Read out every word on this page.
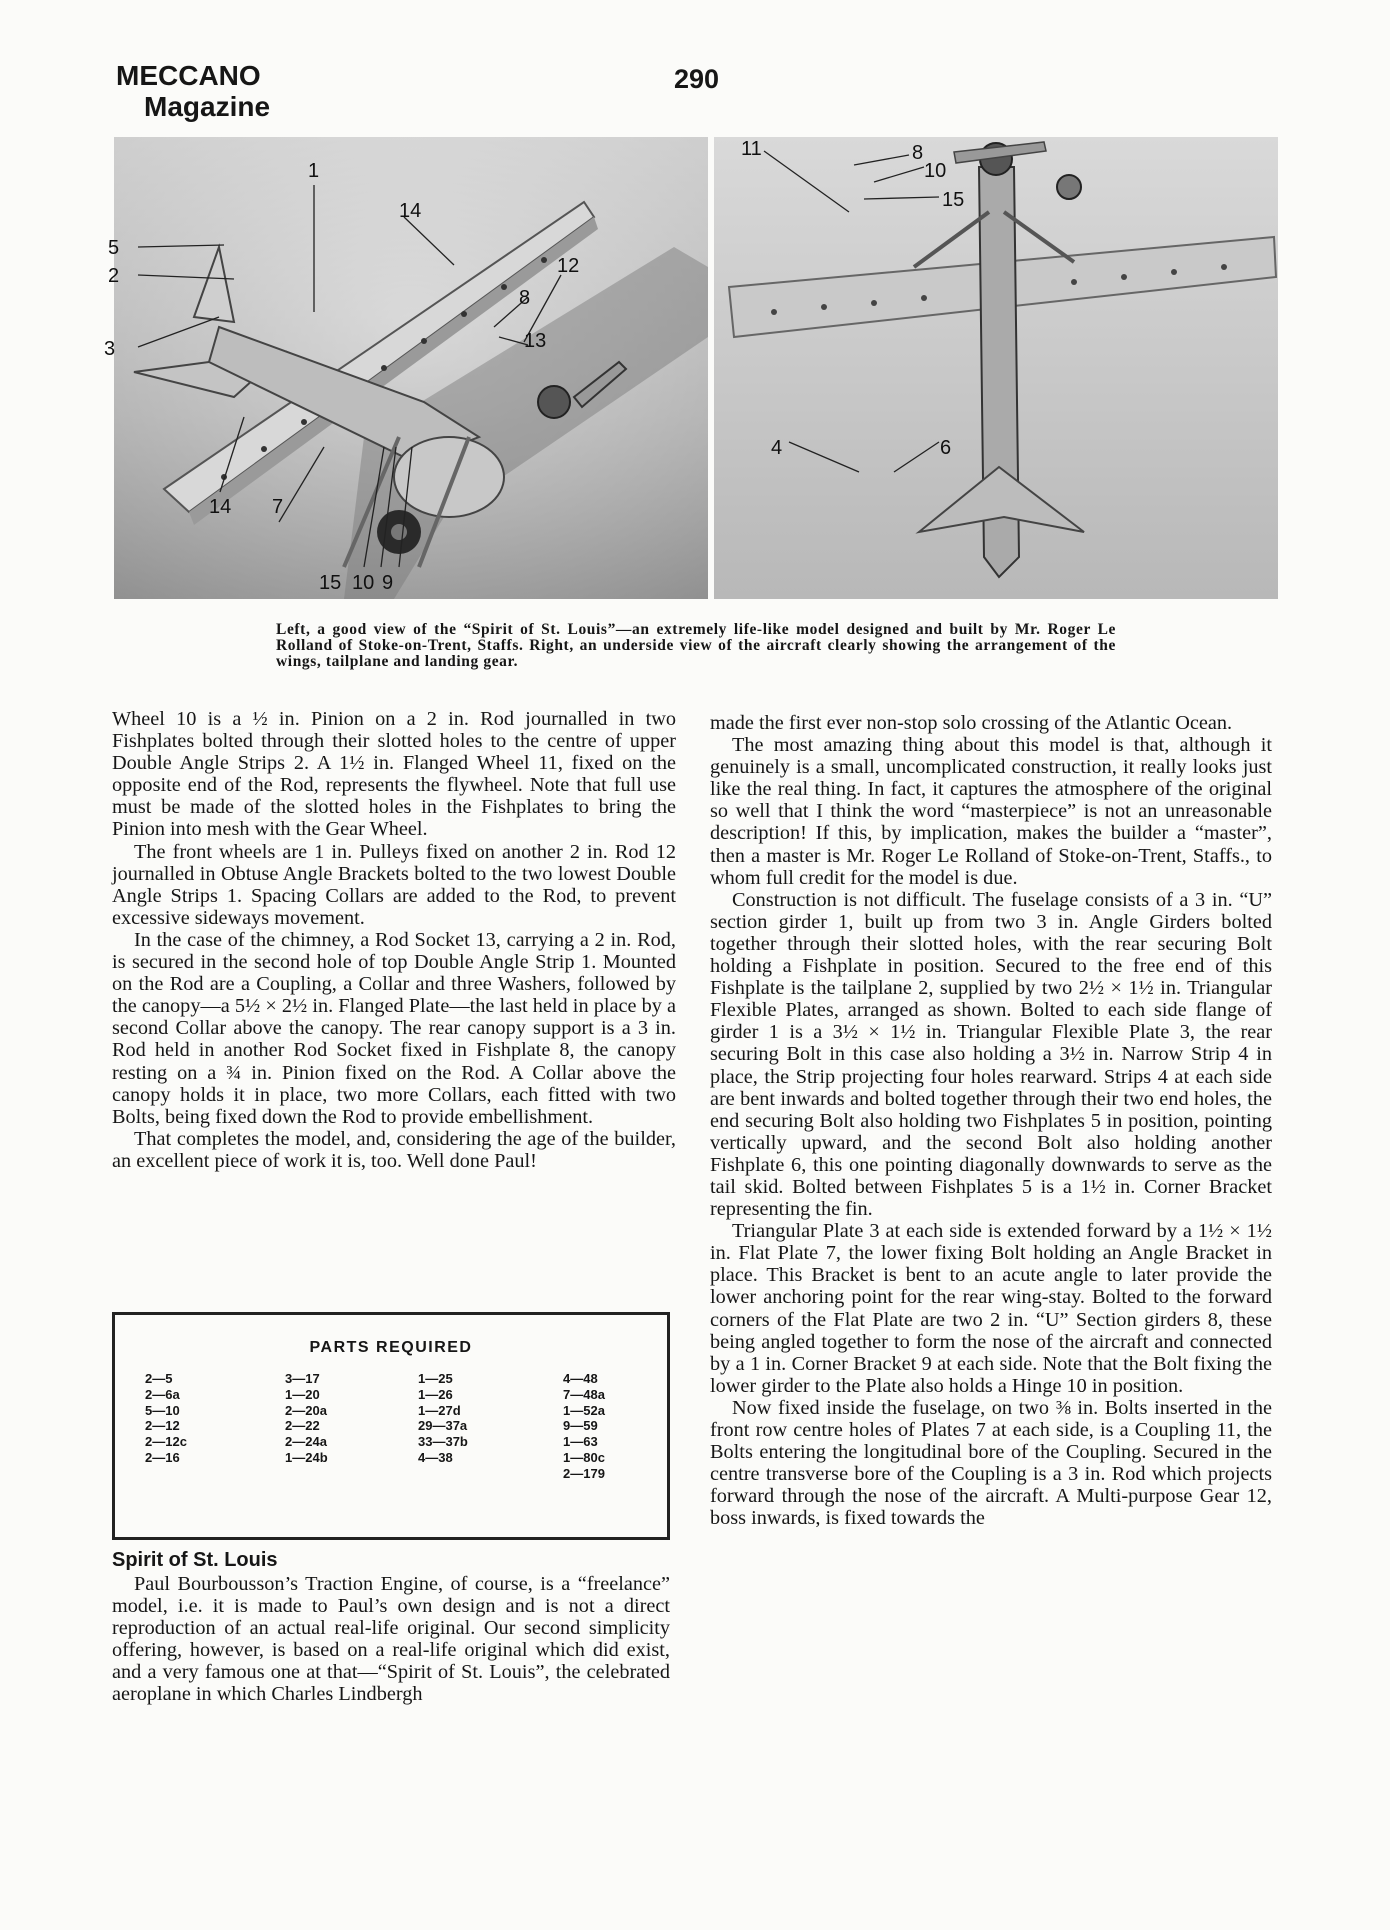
MECCANO
Magazine
290
5
2
3
14
1
8
12
13
14 7
15 10 9
11	8
10
15
4	6
Left, a good view of the “Spirit of St. Louis”—an extremely life-like model designed and built by Mr. Roger Le Rolland of Stoke-on-Trent, Staffs. Right, an underside view of the aircraft clearly showing the arrangement of the wings, tailplane and landing gear.

Wheel 10 is a ½ in. Pinion on a 2 in. Rod journalled in two Fishplates bolted through their slotted holes to the centre of upper Double Angle Strips 2. A 1½ in. Flanged Wheel 11, fixed on the opposite end of the Rod, represents the flywheel. Note that full use must be made of the slotted holes in the Fishplates to bring the Pinion into mesh with the Gear Wheel.

The front wheels are 1 in. Pulleys fixed on another 2 in. Rod 12 journalled in Obtuse Angle Brackets bolted to the two lowest Double Angle Strips 1. Spacing Collars are added to the Rod, to prevent excessive sideways movement.

In the case of the chimney, a Rod Socket 13, carrying a 2 in. Rod, is secured in the second hole of top Double Angle Strip 1. Mounted on the Rod are a Coupling, a Collar and three Washers, followed by the canopy—a 5½ × 2½ in. Flanged Plate—the last held in place by a second Collar above the canopy. The rear canopy support is a 3 in. Rod held in another Rod Socket fixed in Fishplate 8, the canopy resting on a ¾ in. Pinion fixed on the Rod. A Collar above the canopy holds it in place, two more Collars, each fitted with two Bolts, being fixed down the Rod to provide embellishment.

That completes the model, and, considering the age of the builder, an excellent piece of work it is, too. Well done Paul!

PARTS REQUIRED
2—5
2—6a
5—10
2—12
2—12c
2—16
3—17
1—20
2—20a
2—22
2—24a
1—24b
1—25
1—26
1—27d
29—37a
33—37b
4—38
4—48
7—48a
1—52a
9—59
1—63
1—80c
2—179
Spirit of St. Louis

Paul Bourbousson’s Traction Engine, of course, is a “freelance” model, i.e. it is made to Paul’s own design and is not a direct reproduction of an actual real-life original. Our second simplicity offering, however, is based on a real-life original which did exist, and a very famous one at that—“Spirit of St. Louis”, the celebrated aeroplane in which Charles Lindbergh

made the first ever non-stop solo crossing of the Atlantic Ocean.

The most amazing thing about this model is that, although it genuinely is a small, uncomplicated construction, it really looks just like the real thing. In fact, it captures the atmosphere of the original so well that I think the word “masterpiece” is not an unreasonable description! If this, by implication, makes the builder a “master”, then a master is Mr. Roger Le Rolland of Stoke-on-Trent, Staffs., to whom full credit for the model is due.

Construction is not difficult. The fuselage consists of a 3 in. “U” section girder 1, built up from two 3 in. Angle Girders bolted together through their slotted holes, with the rear securing Bolt holding a Fishplate in position. Secured to the free end of this Fishplate is the tailplane 2, supplied by two 2½ × 1½ in. Triangular Flexible Plates, arranged as shown. Bolted to each side flange of girder 1 is a 3½ × 1½ in. Triangular Flexible Plate 3, the rear securing Bolt in this case also holding a 3½ in. Narrow Strip 4 in place, the Strip projecting four holes rearward. Strips 4 at each side are bent inwards and bolted together through their two end holes, the end securing Bolt also holding two Fishplates 5 in position, pointing vertically upward, and the second Bolt also holding another Fishplate 6, this one pointing diagonally downwards to serve as the tail skid. Bolted between Fishplates 5 is a 1½ in. Corner Bracket representing the fin.

Triangular Plate 3 at each side is extended forward by a 1½ × 1½ in. Flat Plate 7, the lower fixing Bolt holding an Angle Bracket in place. This Bracket is bent to an acute angle to later provide the lower anchoring point for the rear wing-stay. Bolted to the forward corners of the Flat Plate are two 2 in. “U” Section girders 8, these being angled together to form the nose of the aircraft and connected by a 1 in. Corner Bracket 9 at each side. Note that the Bolt fixing the lower girder to the Plate also holds a Hinge 10 in position.

Now fixed inside the fuselage, on two ⅜ in. Bolts inserted in the front row centre holes of Plates 7 at each side, is a Coupling 11, the Bolts entering the longitudinal bore of the Coupling. Secured in the centre transverse bore of the Coupling is a 3 in. Rod which projects forward through the nose of the aircraft. A Multi-purpose Gear 12, boss inwards, is fixed towards the
